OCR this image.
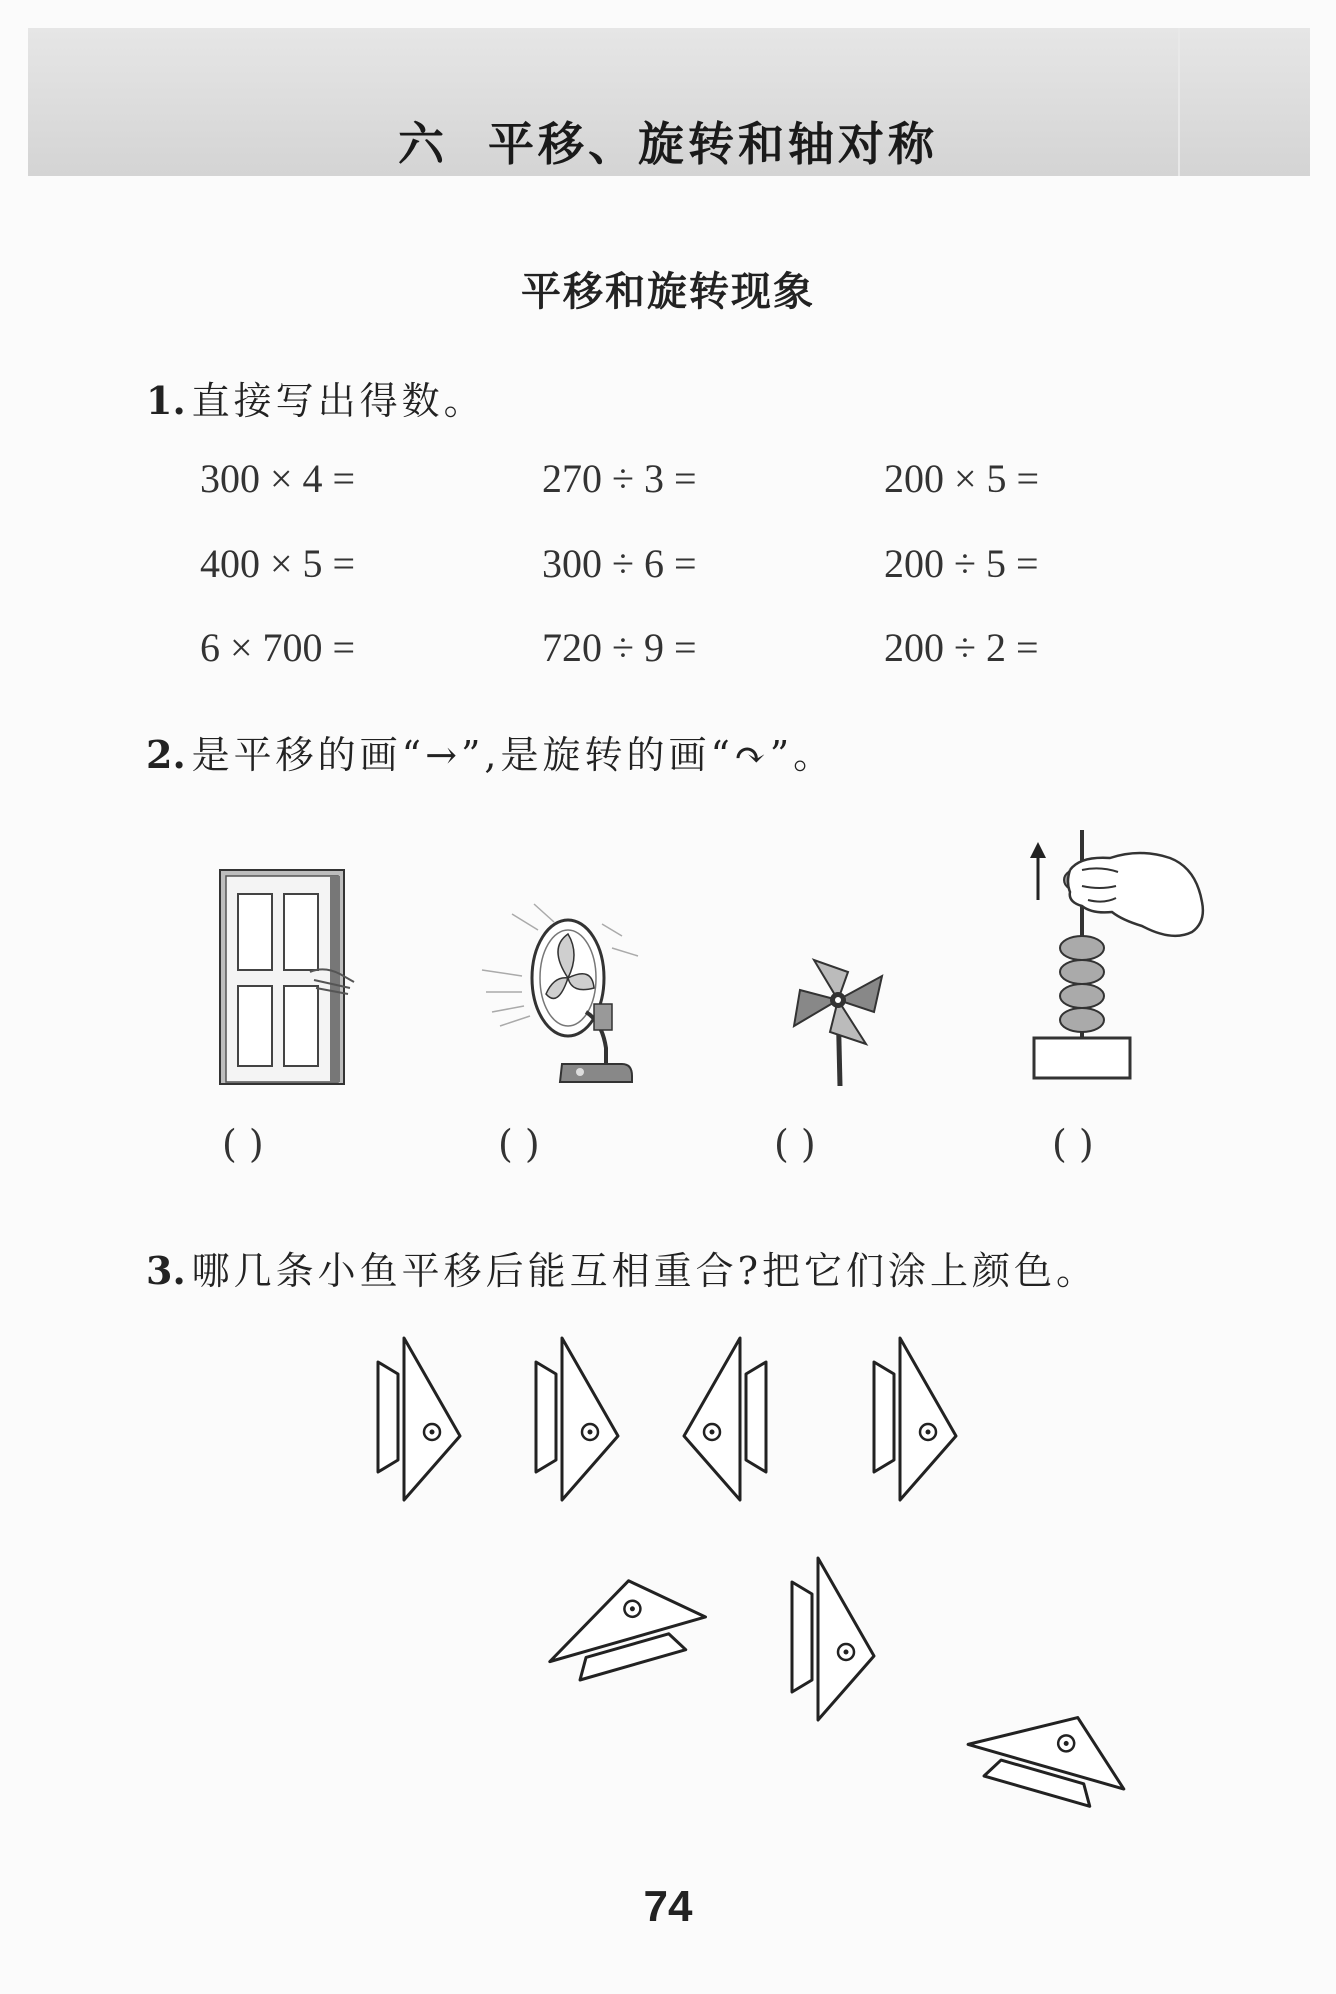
六 平移、旋转和轴对称
平移和旋转现象
1. 直接写出得数。
300 × 4 =	270 ÷ 3 =	200 × 5 =
400 × 5 =	300 ÷ 6 =	200 ÷ 5 =
6 × 700 =	720 ÷ 9 =	200 ÷ 2 =
2. 是平移的画“→”,是旋转的画“↷”。
( )	( )	( )	( )
3. 哪几条小鱼平移后能互相重合?把它们涂上颜色。
74
